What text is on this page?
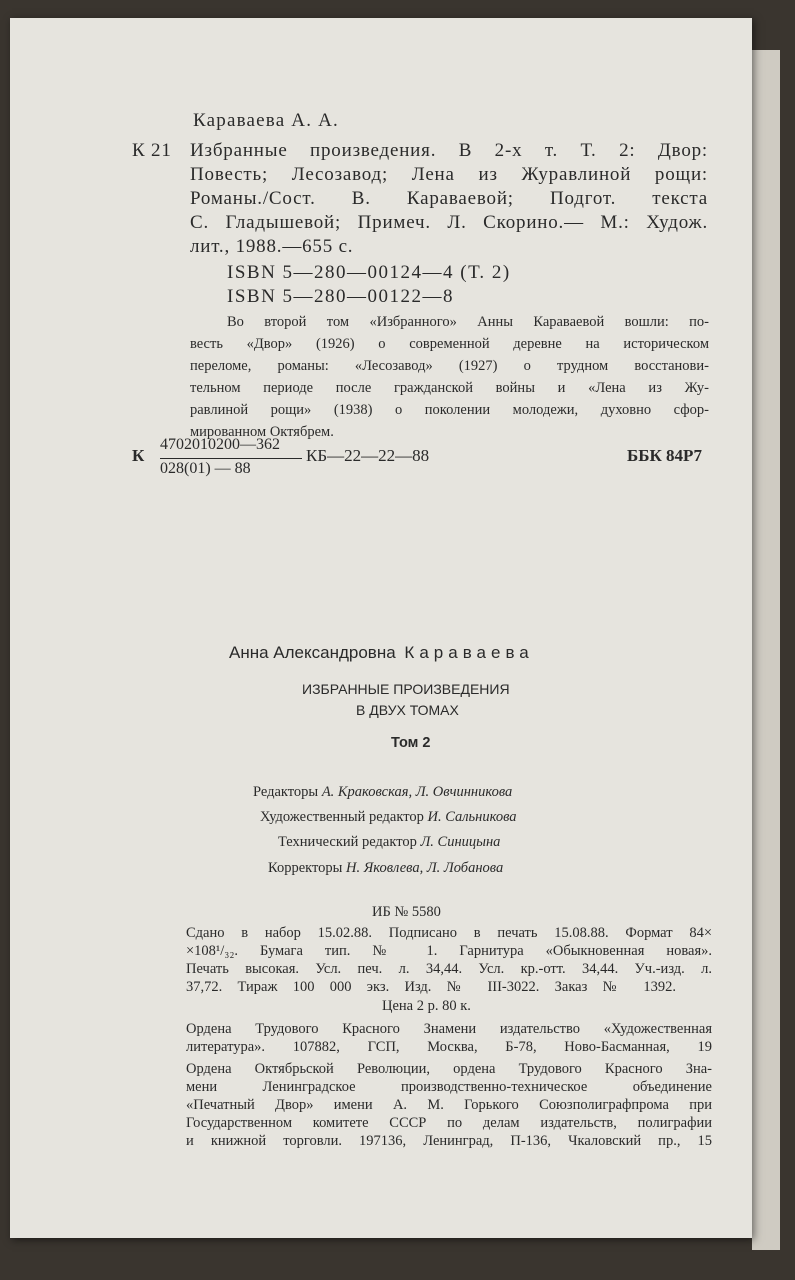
Караваева А. А.
К 21 Избранные произведения. В 2-х т. Т. 2: Двор:
Повесть; Лесозавод; Лена из Журавлиной рощи:
Романы./Сост. В. Караваевой; Подгот. текста
С. Гладышевой; Примеч. Л. Скорино.— М.: Худож.
лит., 1988.—655 с.
ISBN 5—280—00124—4 (Т. 2)
ISBN 5—280—00122—8
Во второй том «Избранного» Анны Караваевой вошли: по-
весть «Двор» (1926) о современной деревне на историческом
переломе, романы: «Лесозавод» (1927) о трудном восстанови-
тельном периоде после гражданской войны и «Лена из Жу-
равлиной рощи» (1938) о поколении молодежи, духовно сфор-
мированном Октябрем.
К
4702010200—362
028(01) — 88
КБ—22—22—88	ББК 84Р7
Анна Александровна Караваева
ИЗБРАННЫЕ ПРОИЗВЕДЕНИЯ
В ДВУХ ТОМАХ
Том 2
Редакторы А. Краковская, Л. Овчинникова
Художественный редактор И. Сальникова
Технический редактор Л. Синицына
Корректоры Н. Яковлева, Л. Лобанова
ИБ № 5580
Сдано в набор 15.02.88. Подписано в печать 15.08.88. Формат 84×
×108¹/₃₂. Бумага тип. № 1. Гарнитура «Обыкновенная новая».
Печать высокая. Усл. печ. л. 34,44. Усл. кр.-отт. 34,44. Уч.-изд. л.
37,72. Тираж 100 000 экз. Изд. № III-3022. Заказ № 1392.
Цена 2 р. 80 к.
Ордена Трудового Красного Знамени издательство «Художественная
литература». 107882, ГСП, Москва, Б-78, Ново-Басманная, 19
Ордена Октябрьской Революции, ордена Трудового Красного Зна-
мени Ленинградское производственно-техническое объединение
«Печатный Двор» имени А. М. Горького Союзполиграфпрома при
Государственном комитете СССР по делам издательств, полиграфии
и книжной торговли. 197136, Ленинград, П-136, Чкаловский пр., 15
